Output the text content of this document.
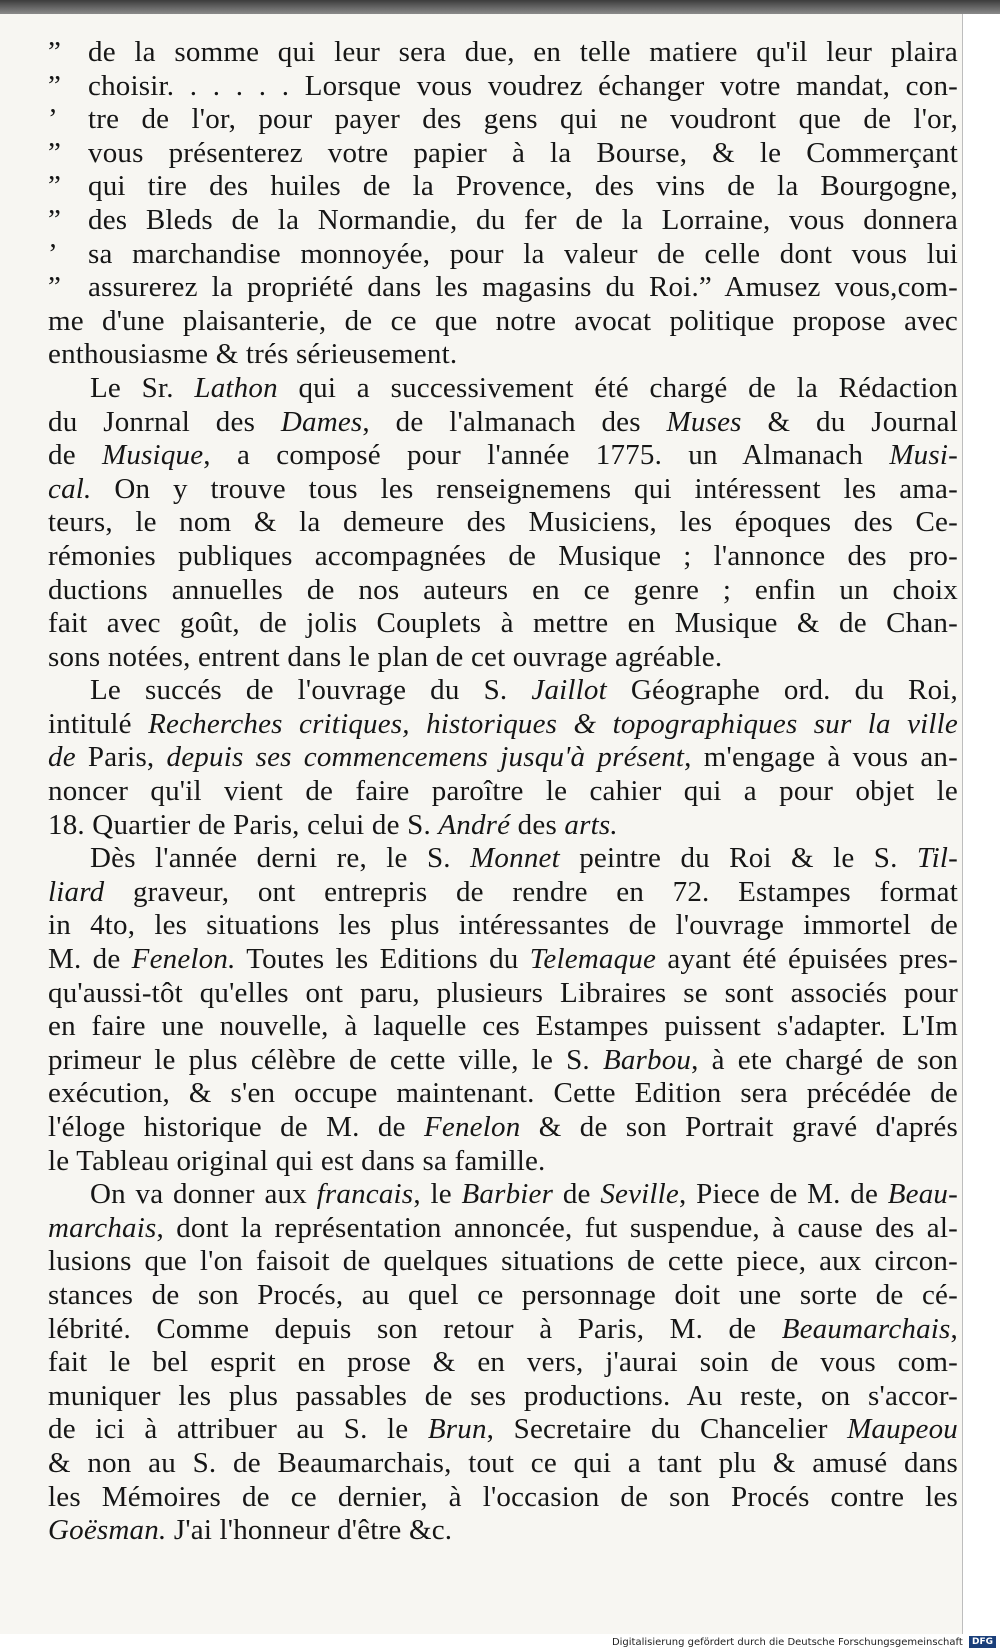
” de la somme qui leur sera due, en telle matiere qu'il leur plaira
” choisir. . . . . . Lorsque vous voudrez échanger votre mandat, con-
’ tre de l'or, pour payer des gens qui ne voudront que de l'or,
” vous présenterez votre papier à la Bourse, & le Commerçant
” qui tire des huiles de la Provence, des vins de la Bourgogne,
” des Bleds de la Normandie, du fer de la Lorraine, vous donnera
’ sa marchandise monnoyée, pour la valeur de celle dont vous lui
” assurerez la propriété dans les magasins du Roi.” Amusez vous,com-
me d'une plaisanterie, de ce que notre avocat politique propose avec
enthousiasme & trés sérieusement.
Le Sr. Lathon qui a successivement été chargé de la Rédaction
du Jonrnal des Dames, de l'almanach des Muses & du Journal
de Musique, a composé pour l'année 1775. un Almanach Musi-
cal. On y trouve tous les renseignemens qui intéressent les ama-
teurs, le nom & la demeure des Musiciens, les époques des Ce-
rémonies publiques accompagnées de Musique ; l'annonce des pro-
ductions annuelles de nos auteurs en ce genre ; enfin un choix
fait avec goût, de jolis Couplets à mettre en Musique & de Chan-
sons notées, entrent dans le plan de cet ouvrage agréable.
Le succés de l'ouvrage du S. Jaillot Géographe ord. du Roi,
intitulé Recherches critiques, historiques & topographiques sur la ville
de Paris, depuis ses commencemens jusqu'à présent, m'engage à vous an-
noncer qu'il vient de faire paroître le cahier qui a pour objet le
18. Quartier de Paris, celui de S. André des arts.
Dès l'année derni re, le S. Monnet peintre du Roi & le S. Til-
liard graveur, ont entrepris de rendre en 72. Estampes format
in 4to, les situations les plus intéressantes de l'ouvrage immortel de
M. de Fenelon. Toutes les Editions du Telemaque ayant été épuisées pres-
qu'aussi-tôt qu'elles ont paru, plusieurs Libraires se sont associés pour
en faire une nouvelle, à laquelle ces Estampes puissent s'adapter. L'Im
primeur le plus célèbre de cette ville, le S. Barbou, à ete chargé de son
exécution, & s'en occupe maintenant. Cette Edition sera précédée de
l'éloge historique de M. de Fenelon & de son Portrait gravé d'aprés
le Tableau original qui est dans sa famille.
On va donner aux francais, le Barbier de Seville, Piece de M. de Beau-
marchais, dont la représentation annoncée, fut suspendue, à cause des al-
lusions que l'on faisoit de quelques situations de cette piece, aux circon-
stances de son Procés, au quel ce personnage doit une sorte de cé-
lébrité. Comme depuis son retour à Paris, M. de Beaumarchais,
fait le bel esprit en prose & en vers, j'aurai soin de vous com-
muniquer les plus passables de ses productions. Au reste, on s'accor-
de ici à attribuer au S. le Brun, Secretaire du Chancelier Maupeou
& non au S. de Beaumarchais, tout ce qui a tant plu & amusé dans
les Mémoires de ce dernier, à l'occasion de son Procés contre les
Goësman. J'ai l'honneur d'être &c.
Digitalisierung gefördert durch die Deutsche Forschungsgemeinschaft DFG
